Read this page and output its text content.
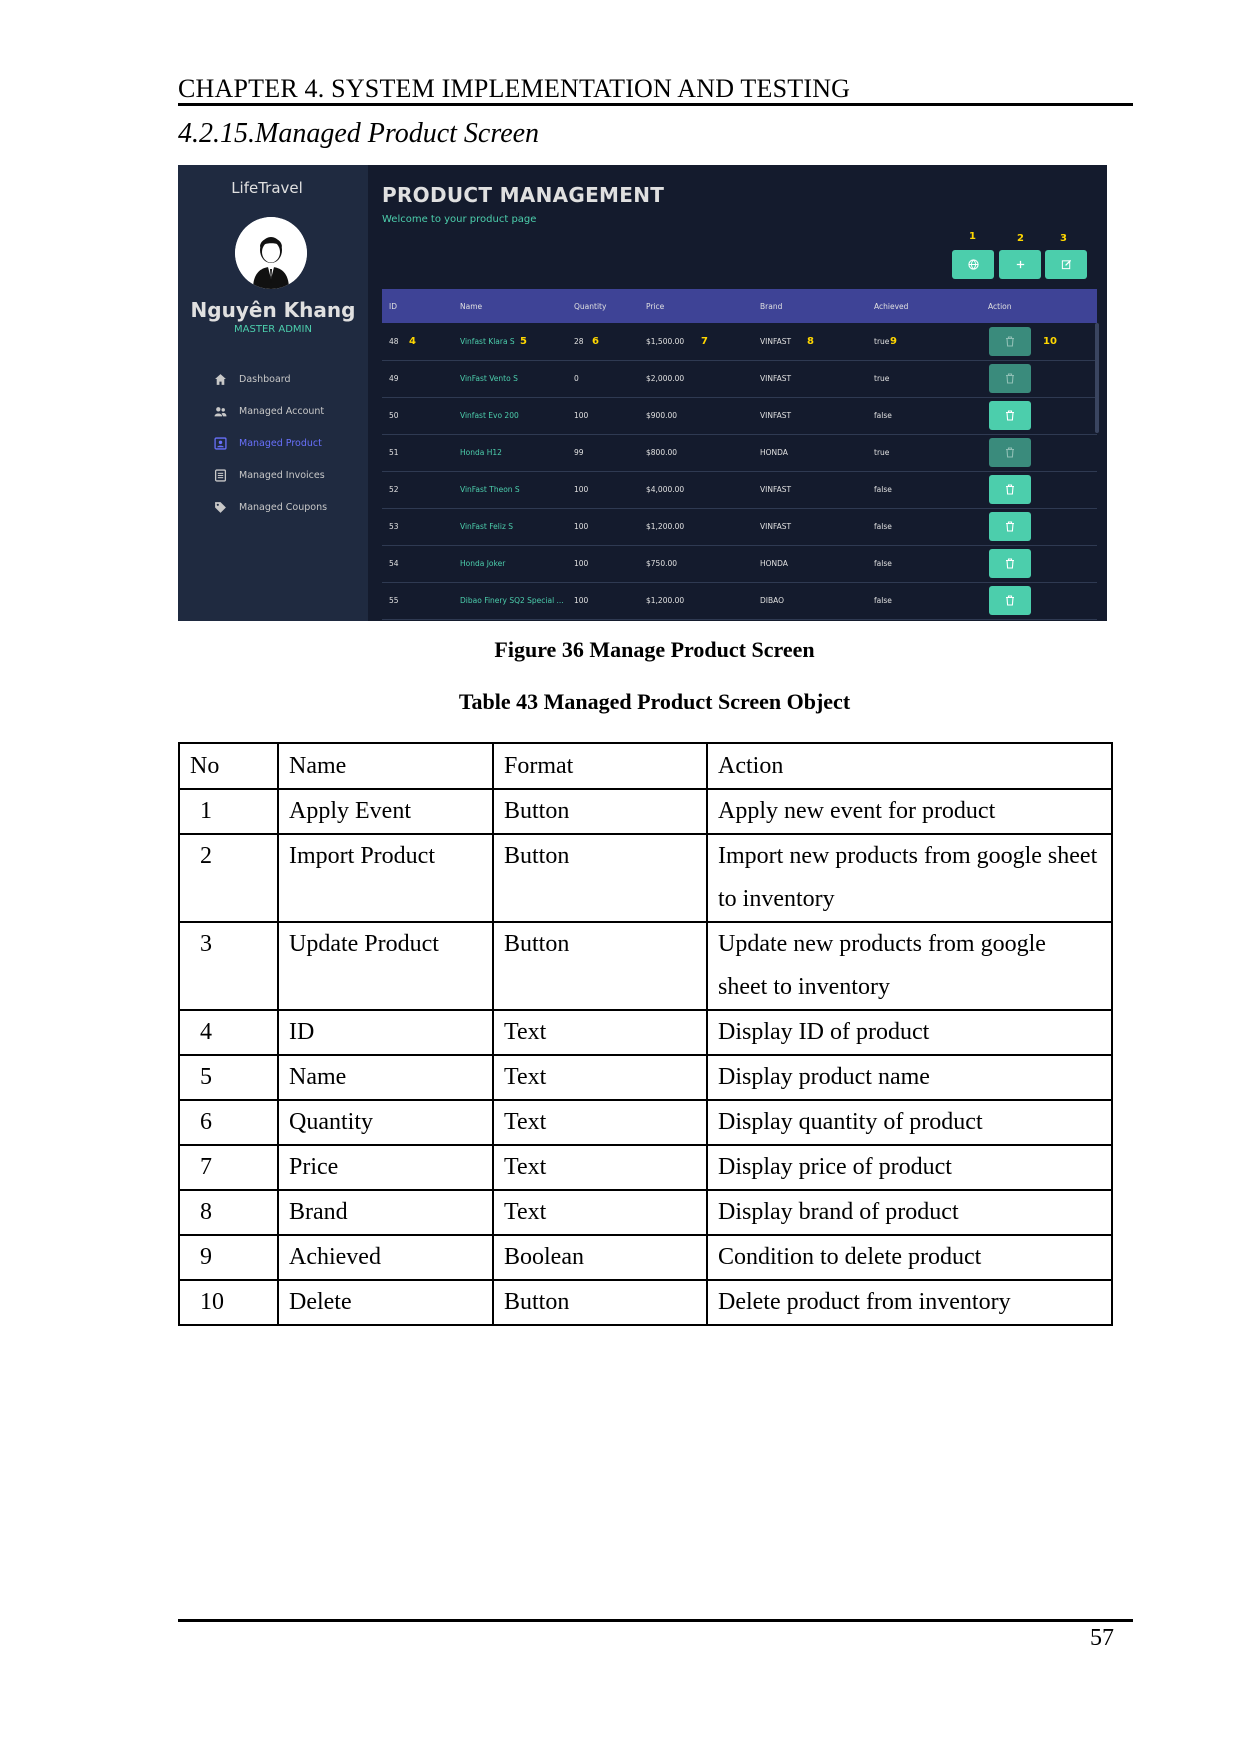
CHAPTER 4. SYSTEM IMPLEMENTATION AND TESTING
4.2.15.Managed Product Screen
LifeTravel
Nguyên Khang
MASTER ADMIN
Dashboard
Managed Account
Managed Product
Managed Invoices
Managed Coupons
PRODUCT MANAGEMENT
Welcome to your product page
1	2	3
ID	Name	Quantity	Price	Brand	Achieved	Action
48	Vinfast Klara S	28	$1,500.00	VINFAST	true
4	5	6	7	8	9	10
49	VinFast Vento S	0	$2,000.00	VINFAST	true
50	Vinfast Evo 200	100	$900.00	VINFAST	false
51	Honda H12	99	$800.00	HONDA	true
52	VinFast Theon S	100	$4,000.00	VINFAST	false
53	VinFast Feliz S	100	$1,200.00	VINFAST	false
54	Honda Joker	100	$750.00	HONDA	false
55	Dibao Finery SQ2 Special ... 100	$1,200.00	DIBAO	false
Figure 36 Manage Product Screen
Table 43 Managed Product Screen Object
No	Name	Format	Action
1	Apply Event	Button	Apply new event for product
2	Import Product	Button	Import new products from google sheet to inventory
3	Update Product	Button	Update new products from google sheet to inventory
4	ID	Text	Display ID of product
5	Name	Text	Display product name
6	Quantity	Text	Display quantity of product
7	Price	Text	Display price of product
8	Brand	Text	Display brand of product
9	Achieved	Boolean	Condition to delete product
10	Delete	Button	Delete product from inventory
57
